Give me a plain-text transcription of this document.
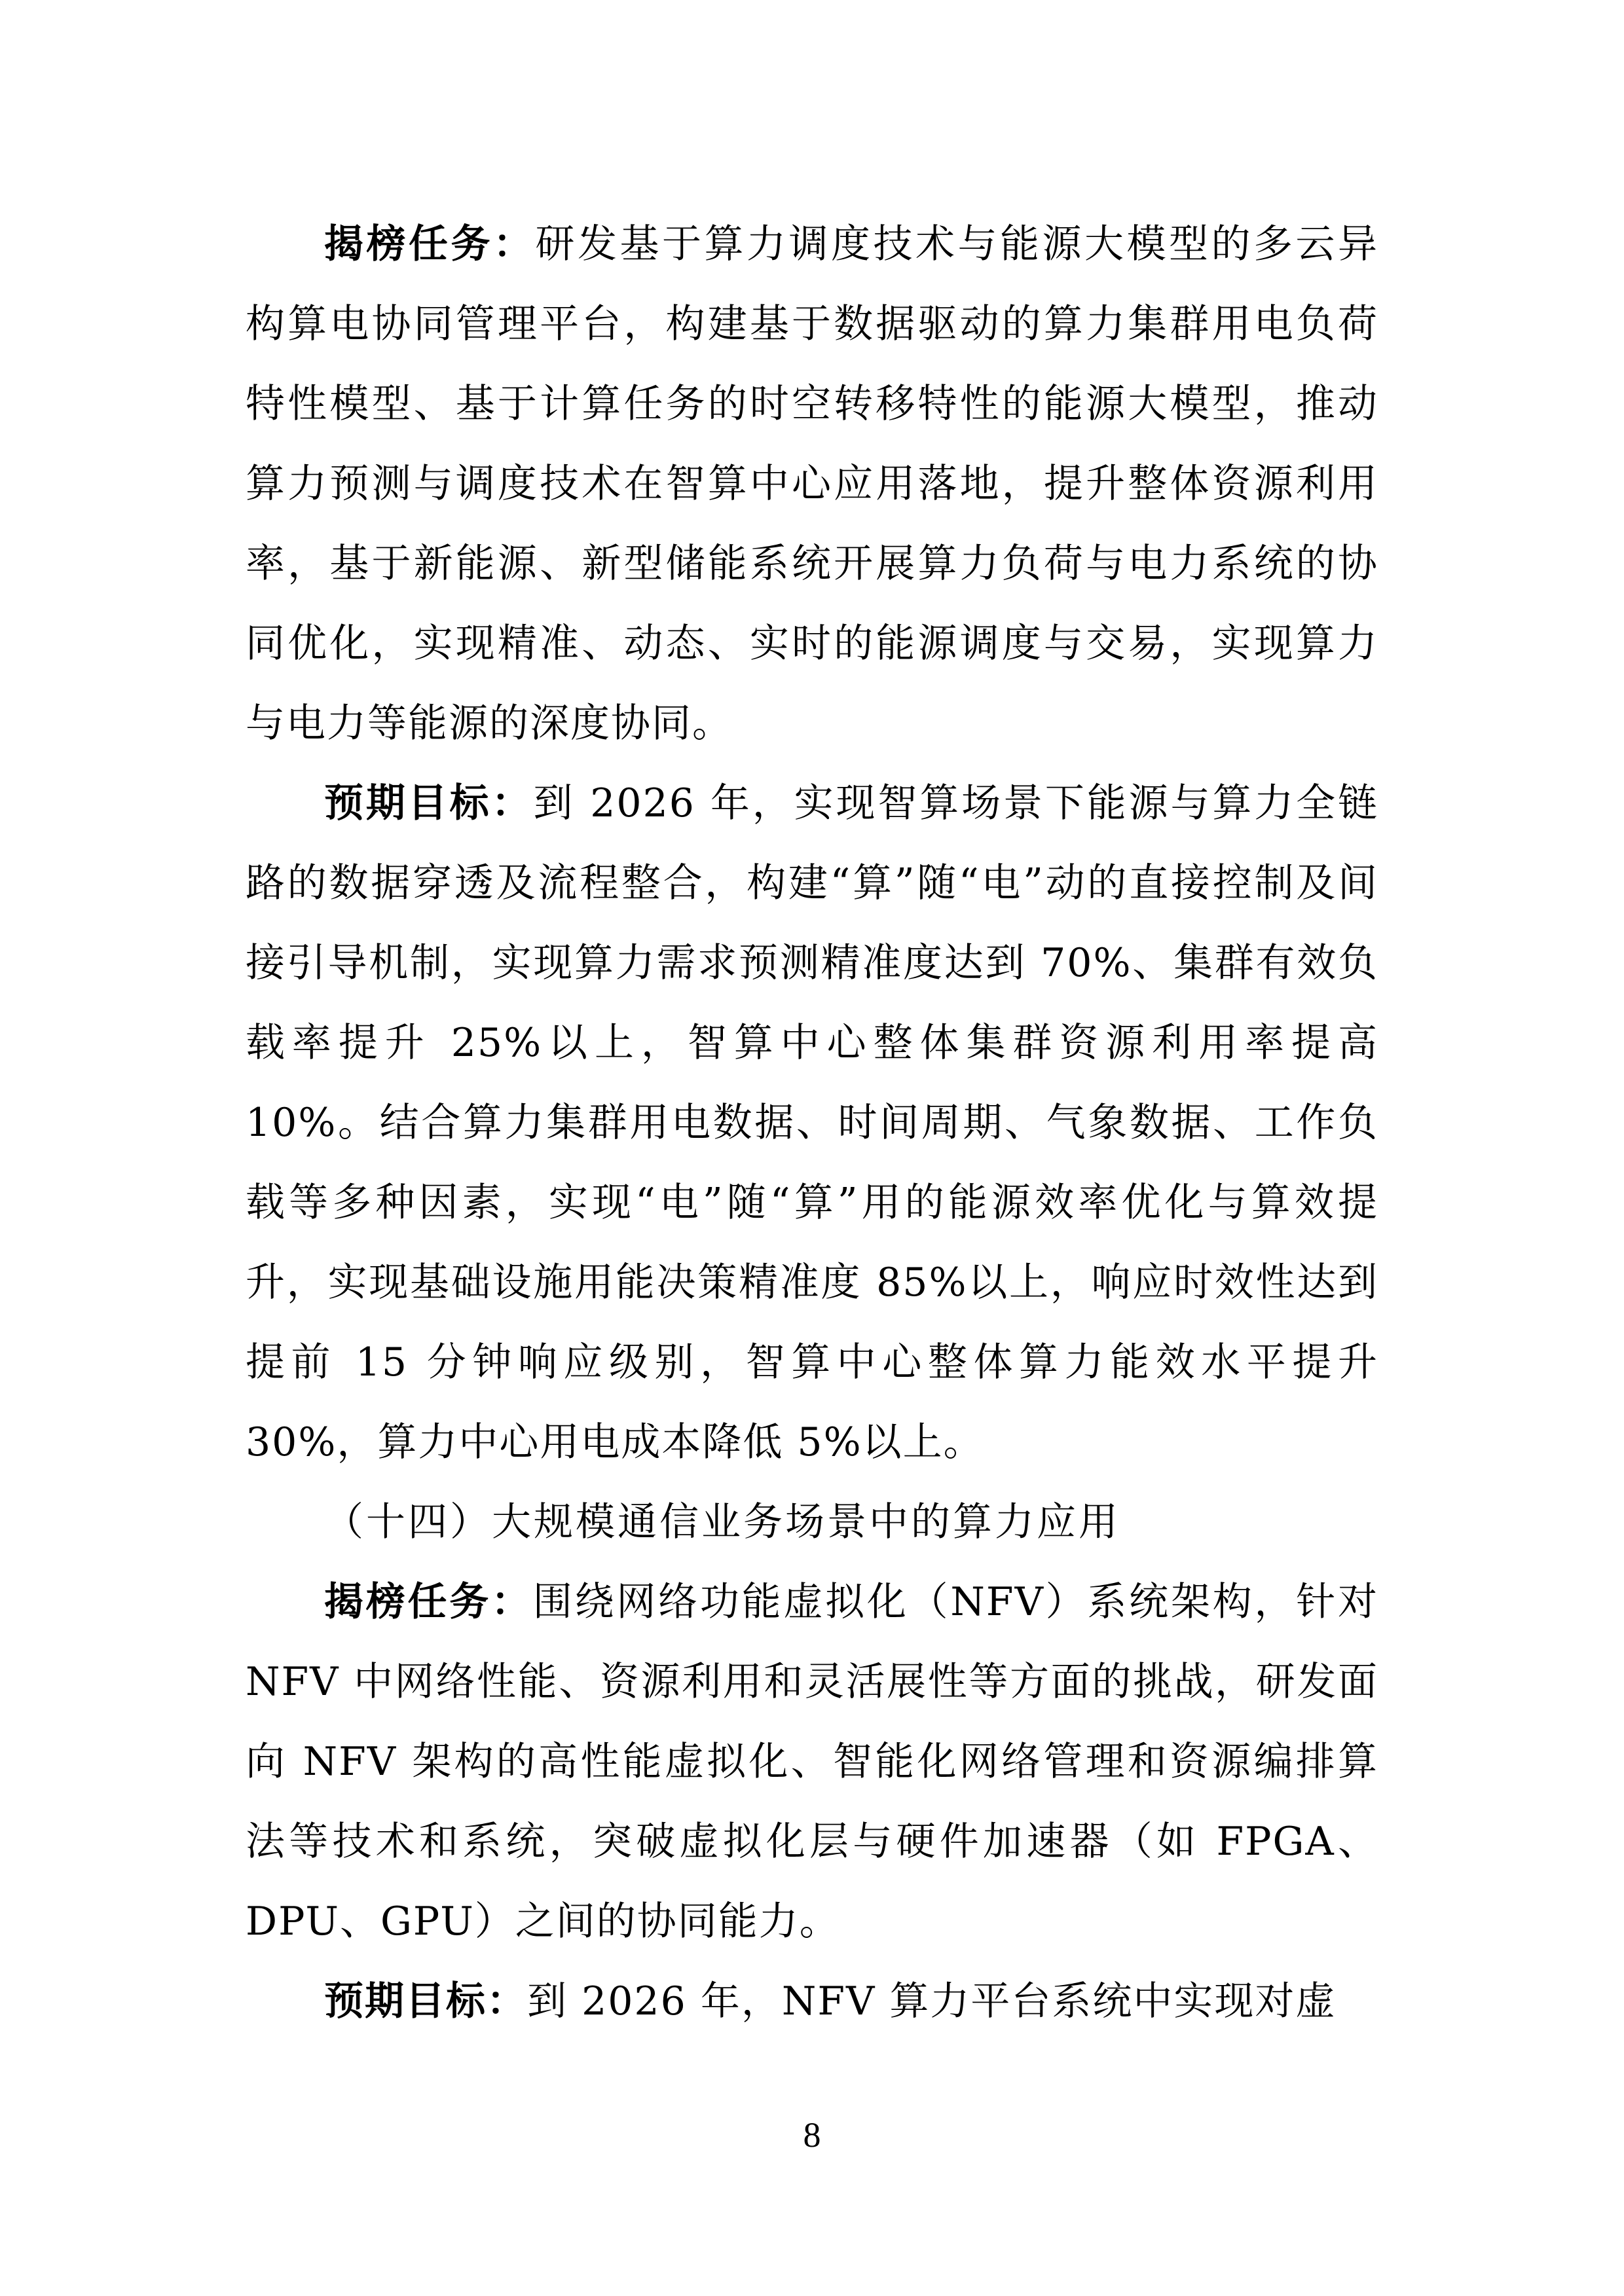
揭榜任务：研发基于算力调度技术与能源大模型的多云异构算电协同管理平台，构建基于数据驱动的算力集群用电负荷特性模型、基于计算任务的时空转移特性的能源大模型，推动算力预测与调度技术在智算中心应用落地，提升整体资源利用率，基于新能源、新型储能系统开展算力负荷与电力系统的协同优化，实现精准、动态、实时的能源调度与交易，实现算力与电力等能源的深度协同。

预期目标：到 2026 年，实现智算场景下能源与算力全链路的数据穿透及流程整合，构建“算”随“电”动的直接控制及间接引导机制，实现算力需求预测精准度达到 70%、集群有效负载率提升 25%以上，智算中心整体集群资源利用率提高 10%。结合算力集群用电数据、时间周期、气象数据、工作负载等多种因素，实现“电”随“算”用的能源效率优化与算效提升，实现基础设施用能决策精准度 85%以上，响应时效性达到提前 15 分钟响应级别，智算中心整体算力能效水平提升 30%，算力中心用电成本降低 5%以上。

（十四）大规模通信业务场景中的算力应用

揭榜任务：围绕网络功能虚拟化（NFV）系统架构，针对 NFV 中网络性能、资源利用和灵活展性等方面的挑战，研发面向 NFV 架构的高性能虚拟化、智能化网络管理和资源编排算法等技术和系统，突破虚拟化层与硬件加速器（如 FPGA、DPU、GPU）之间的协同能力。

预期目标：到 2026 年，NFV 算力平台系统中实现对虚

8
